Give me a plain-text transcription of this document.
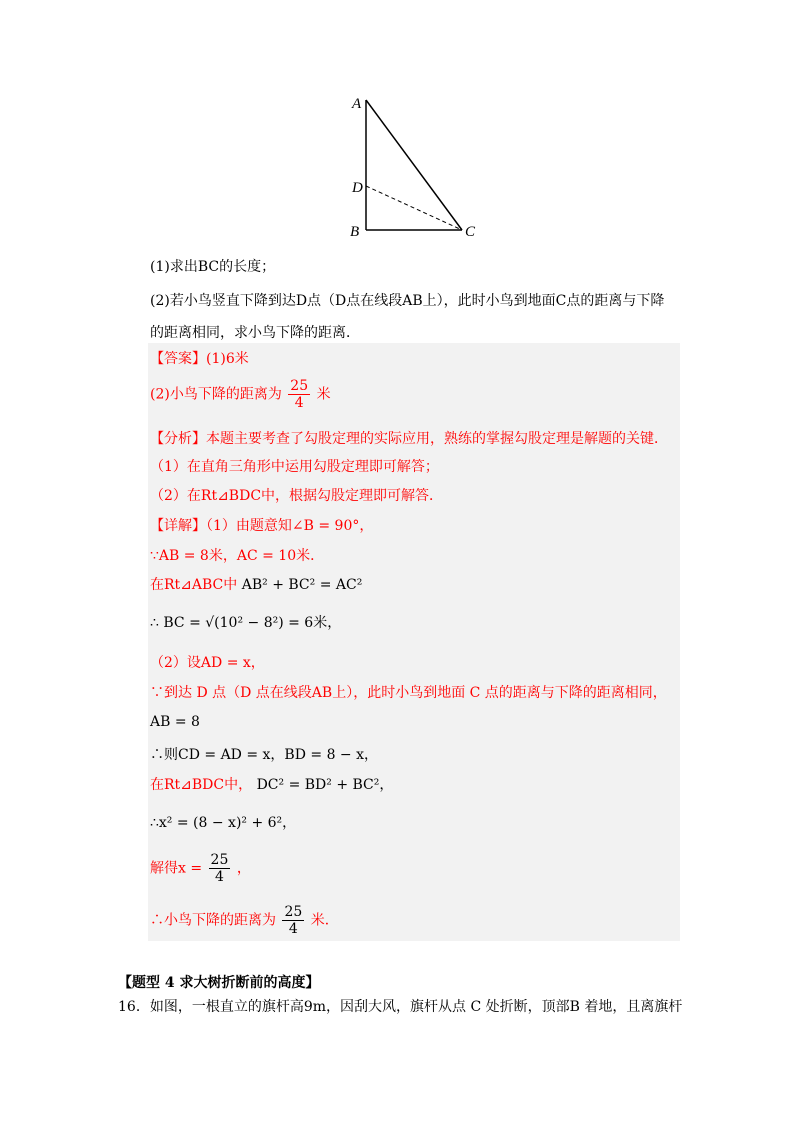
A
D
B	C
(1)求出BC的长度；
(2)若小鸟竖直下降到达D点（D点在线段AB上），此时小鸟到地面C点的距离与下降
的距离相同，求小鸟下降的距离．
【答案】(1)6米
(2)小鸟下降的距离为 $\frac{25}{4}$ 米
【分析】本题主要考查了勾股定理的实际应用，熟练的掌握勾股定理是解题的关键．
（1）在直角三角形中运用勾股定理即可解答；
（2）在Rt⊿BDC中，根据勾股定理即可解答．
【详解】（1）由题意知∠B = 90°，
∵AB = 8米，AC = 10米．
在Rt⊿ABC中 AB² + BC² = AC²
∴ BC = √(10² − 8²) = 6米，
（2）设AD = x，
∵到达 D 点（D 点在线段AB上），此时小鸟到地面 C 点的距离与下降的距离相同，
AB = 8
∴则CD = AD = x，BD = 8 − x，
在Rt⊿BDC中， DC² = BD² + BC²，
∴x² = (8 − x)² + 6²，
解得$x = \frac{25}{4}$ ，
∴小鸟下降的距离为 $\frac{25}{4}$ 米．
【题型 4 求大树折断前的高度】
16．如图，一根直立的旗杆高9m，因刮大风，旗杆从点 C 处折断，顶部B 着地，且离旗杆
